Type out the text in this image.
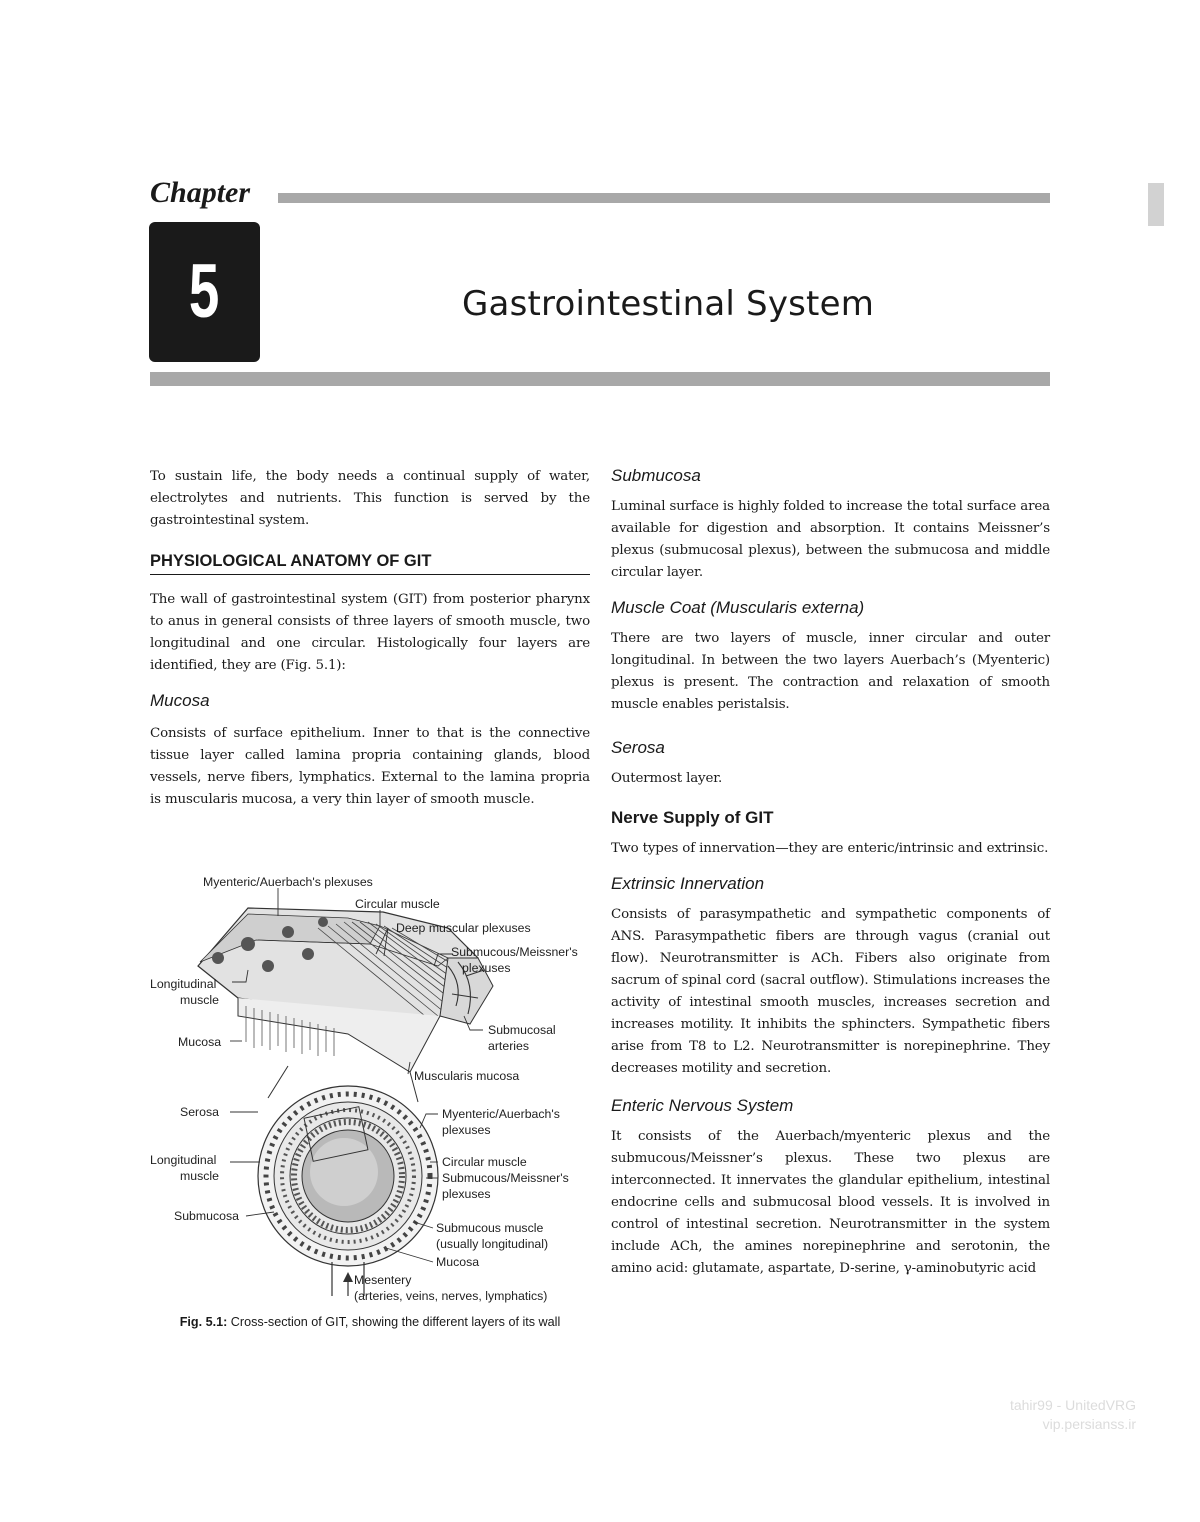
Chapter
5	Gastrointestinal System

To sustain life, the body needs a continual supply of water, electrolytes and nutrients. This function is served by the gastrointestinal system.

PHYSIOLOGICAL ANATOMY OF GIT

The wall of gastrointestinal system (GIT) from posterior pharynx to anus in general consists of three layers of smooth muscle, two longitudinal and one circular. Histologically four layers are identified, they are (Fig. 5.1):

Mucosa

Consists of surface epithelium. Inner to that is the connective tissue layer called lamina propria containing glands, blood vessels, nerve fibers, lymphatics. External to the lamina propria is muscularis mucosa, a very thin layer of smooth muscle.

Myenteric/Auerbach's plexuses
Circular muscle
Deep muscular plexuses
Submucous/Meissner's
plexuses
Longitudinal
muscle
Mucosa
Submucosal
arteries
Muscularis mucosa
Serosa	Myenteric/Auerbach's
plexuses
Longitudinal
muscle
Circular muscle
Submucous/Meissner's
plexuses
Submucosa
Submucous muscle
(usually longitudinal)
Mucosa
Mesentery
(arteries, veins, nerves, lymphatics)
Fig. 5.1: Cross-section of GIT, showing the different layers of its wall
Submucosa

Luminal surface is highly folded to increase the total surface area available for digestion and absorption. It contains Meissner’s plexus (submucosal plexus), between the submucosa and middle circular layer.

Muscle Coat (Muscularis externa)

There are two layers of muscle, inner circular and outer longitudinal. In between the two layers Auerbach’s (Myenteric) plexus is present. The contraction and relaxation of smooth muscle enables peristalsis.

Serosa

Outermost layer.

Nerve Supply of GIT

Two types of innervation—they are enteric/intrinsic and extrinsic.

Extrinsic Innervation

Consists of parasympathetic and sympathetic components of ANS. Parasympathetic fibers are through vagus (cranial out flow). Neurotransmitter is ACh. Fibers also originate from sacrum of spinal cord (sacral outflow). Stimulations increases the activity of intestinal smooth muscles, increases secretion and increases motility. It inhibits the sphincters. Sympathetic fibers arise from T8 to L2. Neurotransmitter is norepinephrine. They decreases motility and secretion.

Enteric Nervous System

It consists of the Auerbach/myenteric plexus and the submucous/Meissner’s plexus. These two plexus are interconnected. It innervates the glandular epithelium, intestinal endocrine cells and submucosal blood vessels. It is involved in control of intestinal secretion. Neurotransmitter in the system include ACh, the amines norepinephrine and serotonin, the amino acid: glutamate, aspartate, D-serine, γ-aminobutyric acid

tahir99 - UnitedVRG
vip.persianss.ir
